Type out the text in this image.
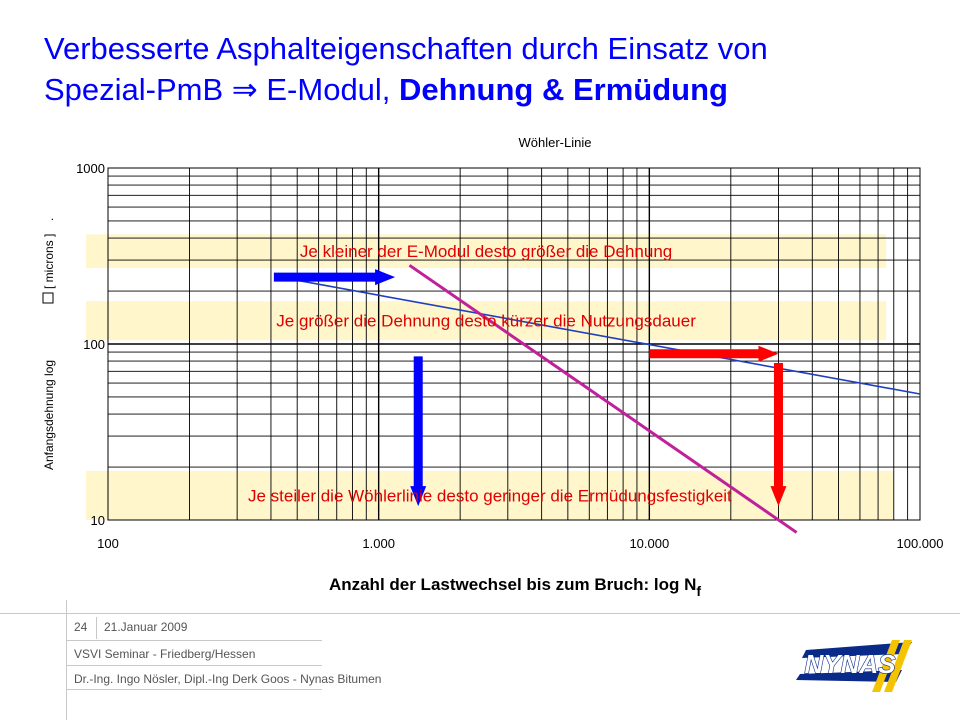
Verbesserte Asphalteigenschaften durch Einsatz von
Spezial-PmB ⇒ E-Modul, Dehnung & Ermüdung
Je kleiner der E-Modul desto größer die Dehnung
Je größer die Dehnung desto kürzer die Nutzungsdauer
Je steiler die Wöhlerlinie desto geringer die Ermüdungsfestigkeit
100	1.000	10.000	100.000
10
100
1000
Wöhler-Linie
Anzahl der Lastwechsel bis zum Bruch: $\log N_f$
Anfangsdehnung log
[ microns ]
.
24 21.Januar 2009
VSVI Seminar - Friedberg/Hessen
Dr.-Ing. Ingo Nösler, Dipl.-Ing Derk Goos - Nynas Bitumen	NYNAS
